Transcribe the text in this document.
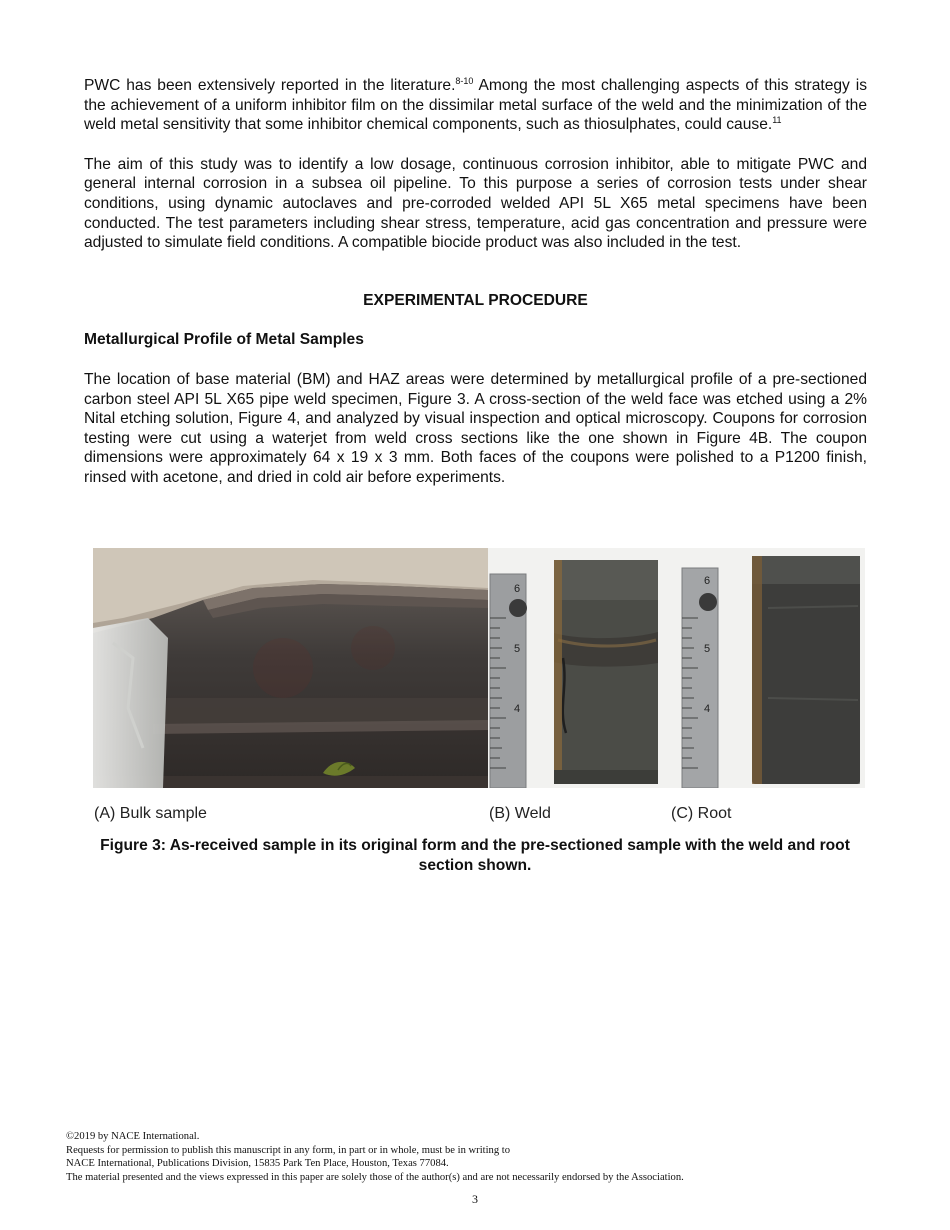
PWC has been extensively reported in the literature.$^{8-10}$ Among the most challenging aspects of this strategy is the achievement of a uniform inhibitor film on the dissimilar metal surface of the weld and the minimization of the weld metal sensitivity that some inhibitor chemical components, such as thiosulphates, could cause.$^{11}$

The aim of this study was to identify a low dosage, continuous corrosion inhibitor, able to mitigate PWC and general internal corrosion in a subsea oil pipeline. To this purpose a series of corrosion tests under shear conditions, using dynamic autoclaves and pre-corroded welded API 5L X65 metal specimens have been conducted. The test parameters including shear stress, temperature, acid gas concentration and pressure were adjusted to simulate field conditions. A compatible biocide product was also included in the test.

EXPERIMENTAL PROCEDURE

Metallurgical Profile of Metal Samples

The location of base material (BM) and HAZ areas were determined by metallurgical profile of a pre-sectioned carbon steel API 5L X65 pipe weld specimen, Figure 3. A cross-section of the weld face was etched using a 2% Nital etching solution, Figure 4, and analyzed by visual inspection and optical microscopy. Coupons for corrosion testing were cut using a waterjet from weld cross sections like the one shown in Figure 4B. The coupon dimensions were approximately 64 x 19 x 3 mm. Both faces of the coupons were polished to a P1200 finish, rinsed with acetone, and dried in cold air before experiments.

6
5
4
6
5
4
(A) Bulk sample	(B) Weld	(C) Root
Figure 3: As-received sample in its original form and the pre-sectioned sample with the weld and root section shown.
©2019 by NACE International.
Requests for permission to publish this manuscript in any form, in part or in whole, must be in writing to
NACE International, Publications Division, 15835 Park Ten Place, Houston, Texas 77084.
The material presented and the views expressed in this paper are solely those of the author(s) and are not necessarily endorsed by the Association.
3
